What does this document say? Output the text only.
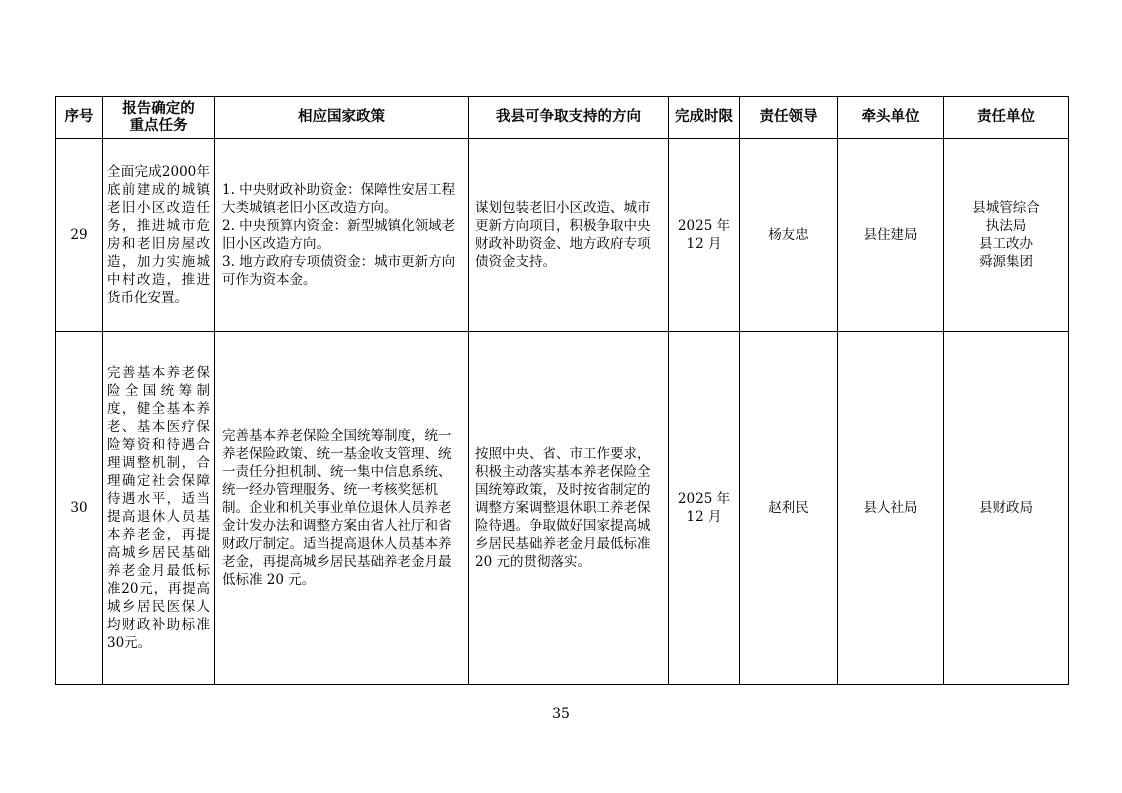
序号	报告确定的
重点任务	相应国家政策	我县可争取支持的方向	完成时限	责任领导	牵头单位	责任单位
29	全面完成2000年底前建成的城镇老旧小区改造任务，推进城市危房和老旧房屋改造，加力实施城中村改造，推进货币化安置。	1. 中央财政补助资金：保障性安居工程大类城镇老旧小区改造方向。
2. 中央预算内资金：新型城镇化领域老旧小区改造方向。
3. 地方政府专项债资金：城市更新方向可作为资本金。	谋划包装老旧小区改造、城市更新方向项目，积极争取中央财政补助资金、地方政府专项债资金支持。	2025 年
12 月	杨友忠	县住建局	县城管综合
执法局
县工改办
舜源集团
30	完善基本养老保险全国统筹制度，健全基本养老、基本医疗保险筹资和待遇合理调整机制，合理确定社会保障待遇水平，适当提高退休人员基本养老金，再提高城乡居民基础养老金月最低标准20元，再提高城乡居民医保人均财政补助标准30元。	完善基本养老保险全国统筹制度，统一养老保险政策、统一基金收支管理、统一责任分担机制、统一集中信息系统、统一经办管理服务、统一考核奖惩机制。企业和机关事业单位退休人员养老金计发办法和调整方案由省人社厅和省财政厅制定。适当提高退休人员基本养老金，再提高城乡居民基础养老金月最低标准 20 元。	按照中央、省、市工作要求，积极主动落实基本养老保险全国统筹政策，及时按省制定的调整方案调整退休职工养老保险待遇。争取做好国家提高城乡居民基础养老金月最低标准 20 元的贯彻落实。	2025 年
12 月	赵利民	县人社局	县财政局
35
